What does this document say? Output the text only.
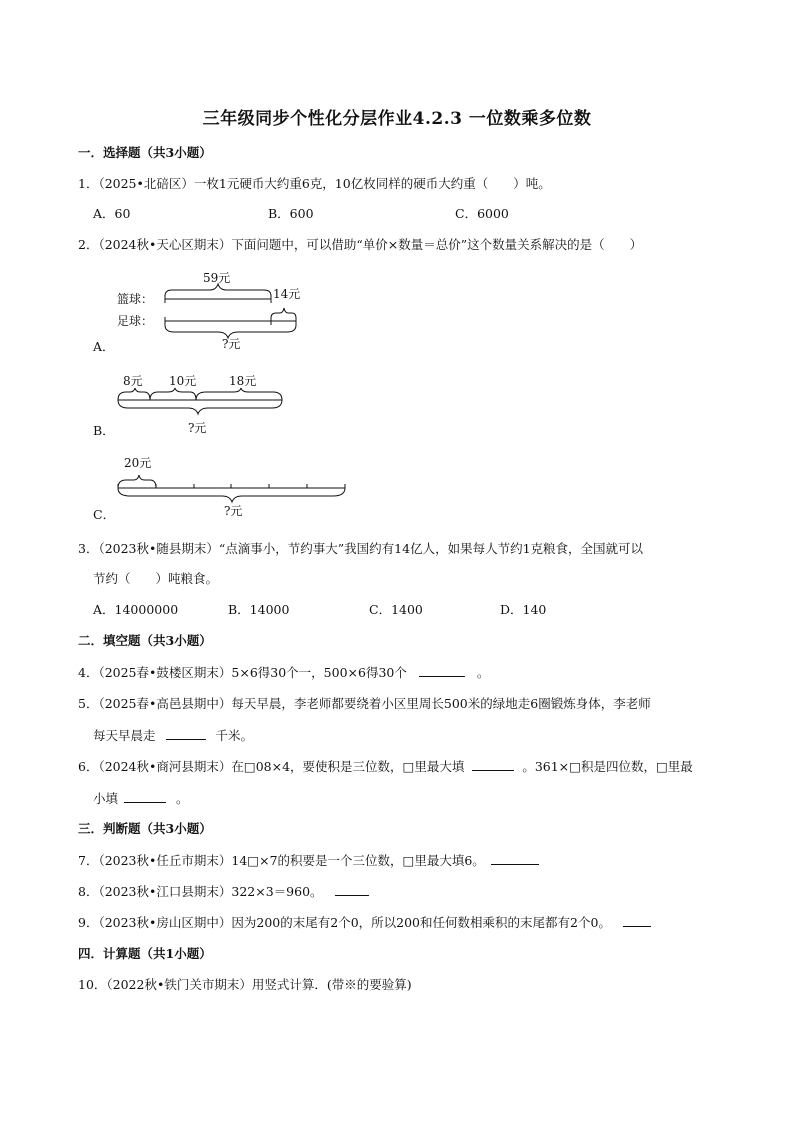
三年级同步个性化分层作业4.2.3 一位数乘多位数
一．选择题（共3小题）
1．（2025•北碚区）一枚1元硬币大约重6克，10亿枚同样的硬币大约重（　　）吨。
A．60	B．600	C．6000
2．（2024秋•天心区期末）下面问题中，可以借助“单价×数量＝总价”这个数量关系解决的是（　　）
A．
篮球：
足球：
59元
14元
?元
B．
8元 10元	18元
?元
C．
20元
?元
3．（2023秋•随县期末）“点滴事小，节约事大”我国约有14亿人，如果每人节约1克粮食，全国就可以
节约（　　）吨粮食。
A．14000000	B．14000	C．1400	D．140
二．填空题（共3小题）
4．（2025春•鼓楼区期末）5×6得30个一，500×6得30个	。
5．（2025春•高邑县期中）每天早晨，李老师都要绕着小区里周长500米的绿地走6圈锻炼身体，李老师
每天早晨走	千米。
6．（2024秋•商河县期末）在□08×4，要使积是三位数，□里最大填	。361×□积是四位数，□里最
小填	。
三．判断题（共3小题）
7．（2023秋•任丘市期末）14□×7的积要是一个三位数，□里最大填6。
8．（2023秋•江口县期末）322×3＝960。
9．（2023秋•房山区期中）因为200的末尾有2个0，所以200和任何数相乘积的末尾都有2个0。
四．计算题（共1小题）
10．（2022秋•铁门关市期末）用竖式计算．(带※的要验算)
